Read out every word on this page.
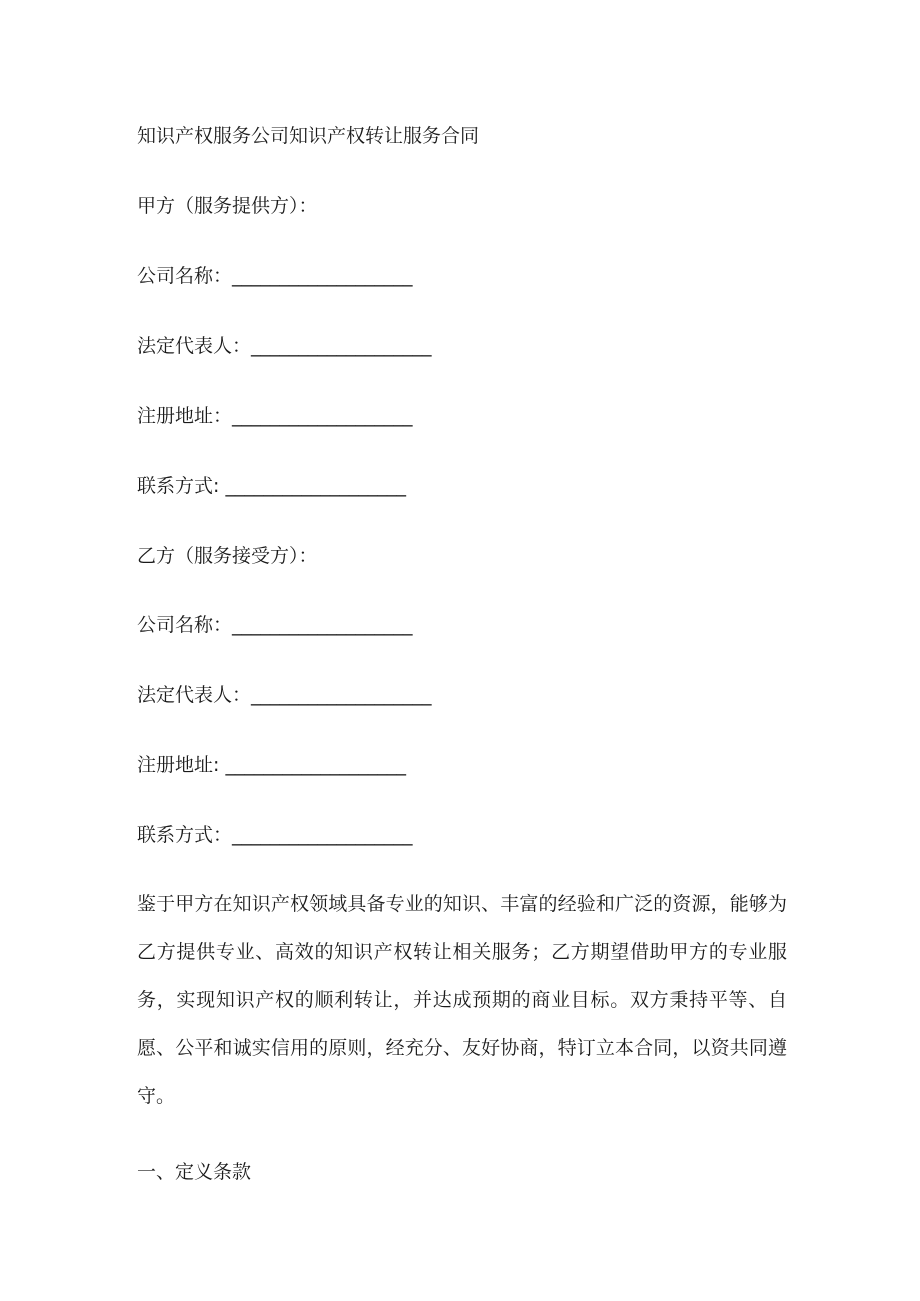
知识产权服务公司知识产权转让服务合同

甲方（服务提供方）：

公司名称：___________________

法定代表人：___________________

注册地址：___________________

联系方式: ___________________

乙方（服务接受方）：

公司名称：___________________

法定代表人：___________________

注册地址: ___________________

联系方式：___________________

鉴于甲方在知识产权领域具备专业的知识、丰富的经验和广泛的资源，能够为乙方提供专业、高效的知识产权转让相关服务；乙方期望借助甲方的专业服务，实现知识产权的顺利转让，并达成预期的商业目标。双方秉持平等、自愿、公平和诚实信用的原则，经充分、友好协商，特订立本合同，以资共同遵守。

一、定义条款
